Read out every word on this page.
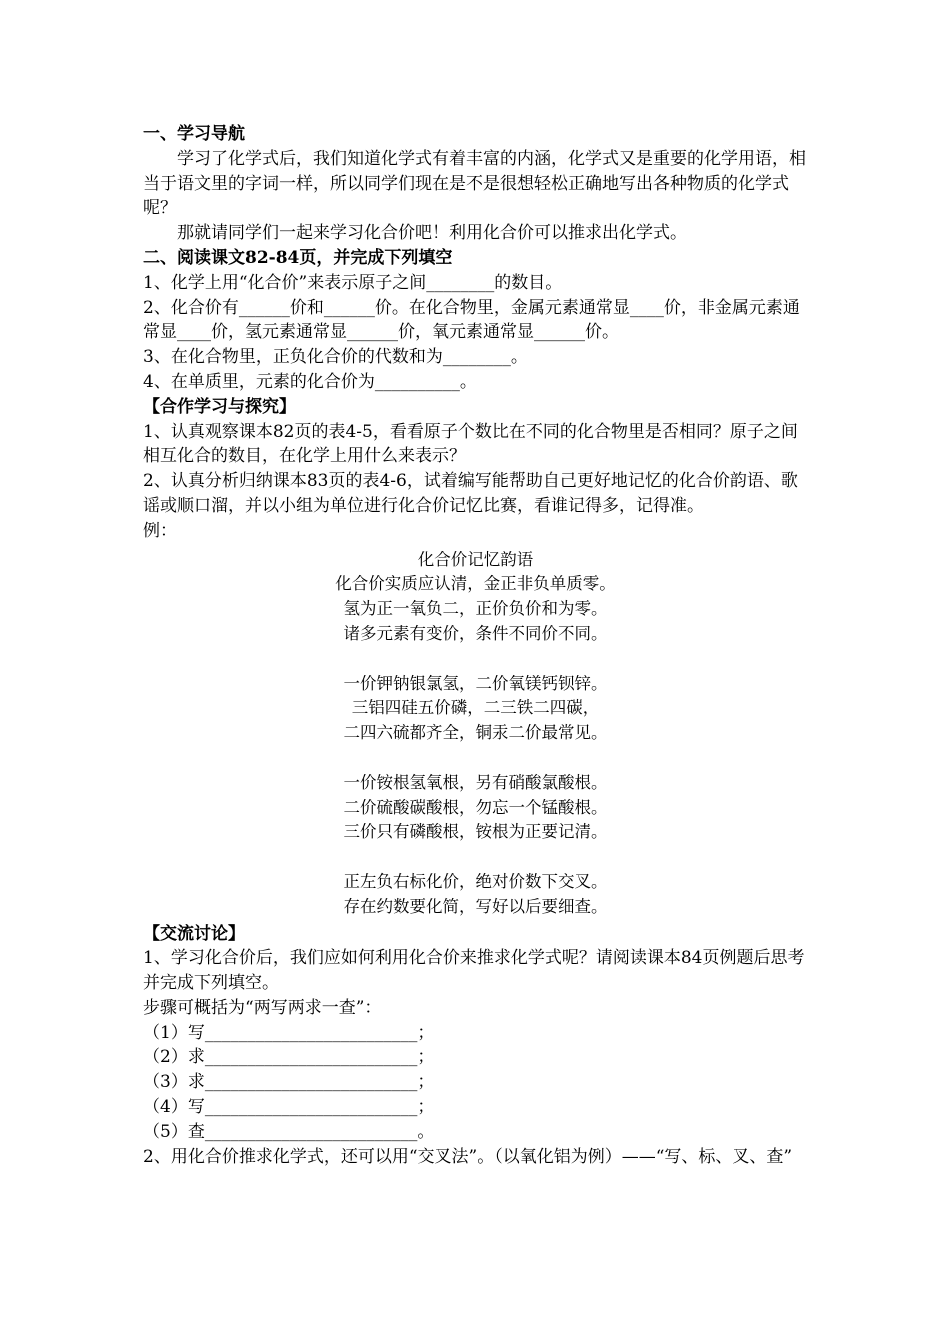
一、学习导航

学习了化学式后，我们知道化学式有着丰富的内涵，化学式又是重要的化学用语，相当于语文里的字词一样，所以同学们现在是不是很想轻松正确地写出各种物质的化学式呢？

那就请同学们一起来学习化合价吧！利用化合价可以推求出化学式。

二、阅读课文82-84页，并完成下列填空

1、化学上用“化合价”来表示原子之间________的数目。

2、化合价有______价和______价。在化合物里，金属元素通常显____价，非金属元素通常显____价，氢元素通常显______价，氧元素通常显______价。

3、在化合物里，正负化合价的代数和为________。

4、在单质里，元素的化合价为__________。

【合作学习与探究】

1、认真观察课本82页的表4-5，看看原子个数比在不同的化合物里是否相同？原子之间相互化合的数目，在化学上用什么来表示？

2、认真分析归纳课本83页的表4-6，试着编写能帮助自己更好地记忆的化合价韵语、歌谣或顺口溜，并以小组为单位进行化合价记忆比赛，看谁记得多，记得准。

例：

化合价记忆韵语
化合价实质应认清，金正非负单质零。
氢为正一氧负二，正价负价和为零。
诸多元素有变价，条件不同价不同。
一价钾钠银氯氢，二价氧镁钙钡锌。
三铝四硅五价磷，二三铁二四碳，
二四六硫都齐全，铜汞二价最常见。
一价铵根氢氧根，另有硝酸氯酸根。
二价硫酸碳酸根，勿忘一个锰酸根。
三价只有磷酸根，铵根为正要记清。
正左负右标化价，绝对价数下交叉。
存在约数要化简，写好以后要细查。

【交流讨论】

1、学习化合价后，我们应如何利用化合价来推求化学式呢？请阅读课本84页例题后思考并完成下列填空。

步骤可概括为“两写两求一查”：

（1）写_________________________；

（2）求_________________________；

（3）求_________________________；

（4）写_________________________；

（5）查_________________________。

2、用化合价推求化学式，还可以用“交叉法”。（以氧化铝为例）——“写、标、叉、查”
